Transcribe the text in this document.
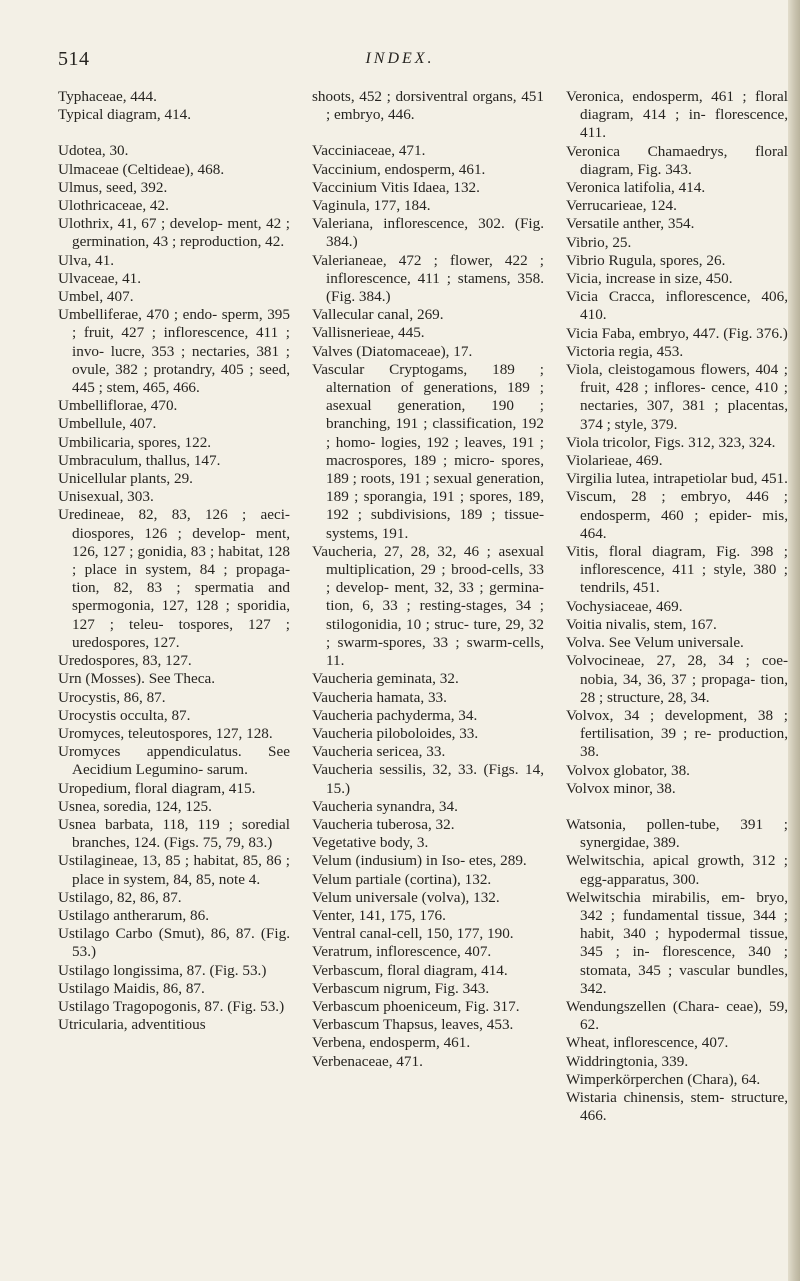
514	INDEX.
Typhaceae, 444.
Typical diagram, 414.
Udotea, 30.
Ulmaceae (Celtideae), 468.
Ulmus, seed, 392.
Ulothricaceae, 42.
Ulothrix, 41, 67 ; develop- ment, 42 ; germination, 43 ; reproduction, 42.
Ulva, 41.
Ulvaceae, 41.
Umbel, 407.
Umbelliferae, 470 ; endo- sperm, 395 ; fruit, 427 ; inflorescence, 411 ; invo- lucre, 353 ; nectaries, 381 ; ovule, 382 ; protandry, 405 ; seed, 445 ; stem, 465, 466.
Umbelliflorae, 470.
Umbellule, 407.
Umbilicaria, spores, 122.
Umbraculum, thallus, 147.
Unicellular plants, 29.
Unisexual, 303.
Uredineae, 82, 83, 126 ; aeci- diospores, 126 ; develop- ment, 126, 127 ; gonidia, 83 ; habitat, 128 ; place in system, 84 ; propaga- tion, 82, 83 ; spermatia and spermogonia, 127, 128 ; sporidia, 127 ; teleu- tospores, 127 ; uredospores, 127.
Uredospores, 83, 127.
Urn (Mosses). See Theca.
Urocystis, 86, 87.
Urocystis occulta, 87.
Uromyces, teleutospores, 127, 128.
Uromyces appendiculatus. See Aecidium Legumino- sarum.
Uropedium, floral diagram, 415.
Usnea, soredia, 124, 125.
Usnea barbata, 118, 119 ; soredial branches, 124. (Figs. 75, 79, 83.)
Ustilagineae, 13, 85 ; habitat, 85, 86 ; place in system, 84, 85, note 4.
Ustilago, 82, 86, 87.
Ustilago antherarum, 86.
Ustilago Carbo (Smut), 86, 87. (Fig. 53.)
Ustilago longissima, 87. (Fig. 53.)
Ustilago Maidis, 86, 87.
Ustilago Tragopogonis, 87. (Fig. 53.)
Utricularia, adventitious
shoots, 452 ; dorsiventral organs, 451 ; embryo, 446.
Vacciniaceae, 471.
Vaccinium, endosperm, 461.
Vaccinium Vitis Idaea, 132.
Vaginula, 177, 184.
Valeriana, inflorescence, 302. (Fig. 384.)
Valerianeae, 472 ; flower, 422 ; inflorescence, 411 ; stamens, 358. (Fig. 384.)
Vallecular canal, 269.
Vallisnerieae, 445.
Valves (Diatomaceae), 17.
Vascular Cryptogams, 189 ; alternation of generations, 189 ; asexual generation, 190 ; branching, 191 ; classification, 192 ; homo- logies, 192 ; leaves, 191 ; macrospores, 189 ; micro- spores, 189 ; roots, 191 ; sexual generation, 189 ; sporangia, 191 ; spores, 189, 192 ; subdivisions, 189 ; tissue-systems, 191.
Vaucheria, 27, 28, 32, 46 ; asexual multiplication, 29 ; brood-cells, 33 ; develop- ment, 32, 33 ; germina- tion, 6, 33 ; resting-stages, 34 ; stilogonidia, 10 ; struc- ture, 29, 32 ; swarm-spores, 33 ; swarm-cells, 11.
Vaucheria geminata, 32.
Vaucheria hamata, 33.
Vaucheria pachyderma, 34.
Vaucheria piloboloides, 33.
Vaucheria sericea, 33.
Vaucheria sessilis, 32, 33. (Figs. 14, 15.)
Vaucheria synandra, 34.
Vaucheria tuberosa, 32.
Vegetative body, 3.
Velum (indusium) in Iso- etes, 289.
Velum partiale (cortina), 132.
Velum universale (volva), 132.
Venter, 141, 175, 176.
Ventral canal-cell, 150, 177, 190.
Veratrum, inflorescence, 407.
Verbascum, floral diagram, 414.
Verbascum nigrum, Fig. 343.
Verbascum phoeniceum, Fig. 317.
Verbascum Thapsus, leaves, 453.
Verbena, endosperm, 461.
Verbenaceae, 471.
Veronica, endosperm, 461 ; floral diagram, 414 ; in- florescence, 411.
Veronica Chamaedrys, floral diagram, Fig. 343.
Veronica latifolia, 414.
Verrucarieae, 124.
Versatile anther, 354.
Vibrio, 25.
Vibrio Rugula, spores, 26.
Vicia, increase in size, 450.
Vicia Cracca, inflorescence, 406, 410.
Vicia Faba, embryo, 447. (Fig. 376.)
Victoria regia, 453.
Viola, cleistogamous flowers, 404 ; fruit, 428 ; inflores- cence, 410 ; nectaries, 307, 381 ; placentas, 374 ; style, 379.
Viola tricolor, Figs. 312, 323, 324.
Violarieae, 469.
Virgilia lutea, intrapetiolar bud, 451.
Viscum, 28 ; embryo, 446 ; endosperm, 460 ; epider- mis, 464.
Vitis, floral diagram, Fig. 398 ; inflorescence, 411 ; style, 380 ; tendrils, 451.
Vochysiaceae, 469.
Voitia nivalis, stem, 167.
Volva. See Velum universale.
Volvocineae, 27, 28, 34 ; coe- nobia, 34, 36, 37 ; propaga- tion, 28 ; structure, 28, 34.
Volvox, 34 ; development, 38 ; fertilisation, 39 ; re- production, 38.
Volvox globator, 38.
Volvox minor, 38.
Watsonia, pollen-tube, 391 ; synergidae, 389.
Welwitschia, apical growth, 312 ; egg-apparatus, 300.
Welwitschia mirabilis, em- bryo, 342 ; fundamental tissue, 344 ; habit, 340 ; hypodermal tissue, 345 ; in- florescence, 340 ; stomata, 345 ; vascular bundles, 342.
Wendungszellen (Chara- ceae), 59, 62.
Wheat, inflorescence, 407.
Widdringtonia, 339.
Wimperkörperchen (Chara), 64.
Wistaria chinensis, stem- structure, 466.
